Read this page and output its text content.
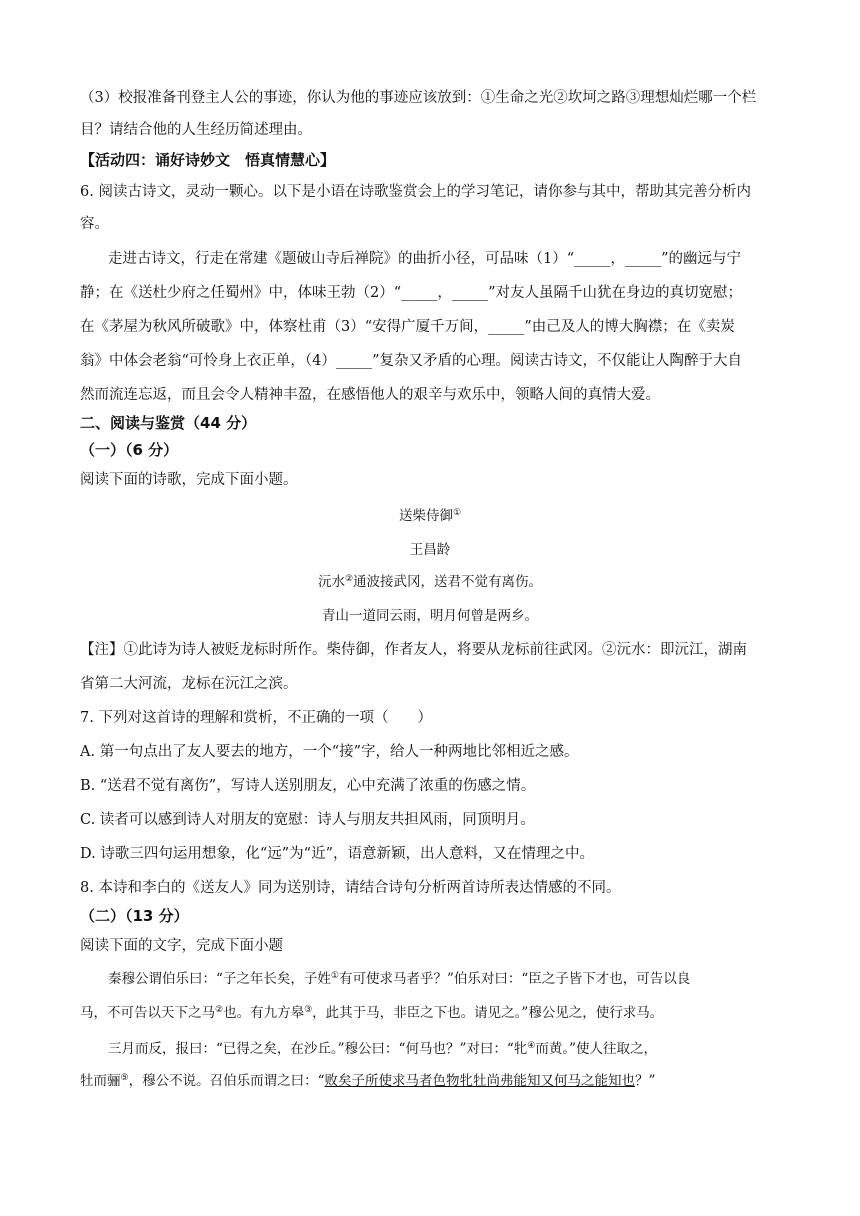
（3）校报准备刊登主人公的事迹，你认为他的事迹应该放到：①生命之光②坎坷之路③理想灿烂哪一个栏
目？请结合他的人生经历简述理由。
【活动四：诵好诗妙文　悟真情慧心】
6. 阅读古诗文，灵动一颗心。以下是小语在诗歌鉴赏会上的学习笔记，请你参与其中，帮助其完善分析内
容。
走进古诗文，行走在常建《题破山寺后禅院》的曲折小径，可品味（1）“_____，_____”的幽远与宁
静；在《送杜少府之任蜀州》中，体味王勃（2）“_____，_____”对友人虽隔千山犹在身边的真切宽慰；
在《茅屋为秋风所破歌》中，体察杜甫（3）“安得广厦千万间，_____”由己及人的博大胸襟；在《卖炭
翁》中体会老翁“可怜身上衣正单，（4）_____”复杂又矛盾的心理。阅读古诗文，不仅能让人陶醉于大自
然而流连忘返，而且会令人精神丰盈，在感悟他人的艰辛与欢乐中，领略人间的真情大爱。
二、阅读与鉴赏（44 分）
（一）（6 分）
阅读下面的诗歌，完成下面小题。
送柴侍御①
王昌龄
沅水②通波接武冈，送君不觉有离伤。
青山一道同云雨，明月何曾是两乡。
【注】①此诗为诗人被贬龙标时所作。柴侍御，作者友人，将要从龙标前往武冈。②沅水：即沅江，湖南
省第二大河流，龙标在沅江之滨。
7. 下列对这首诗的理解和赏析，不正确的一项（　　）
A. 第一句点出了友人要去的地方，一个“接”字，给人一种两地比邻相近之感。
B. “送君不觉有离伤”，写诗人送别朋友，心中充满了浓重的伤感之情。
C. 读者可以感到诗人对朋友的宽慰：诗人与朋友共担风雨，同顶明月。
D. 诗歌三四句运用想象，化“远”为“近”，语意新颖，出人意料，又在情理之中。
8. 本诗和李白的《送友人》同为送别诗，请结合诗句分析两首诗所表达情感的不同。
（二）（13 分）
阅读下面的文字，完成下面小题
秦穆公谓伯乐曰：“子之年长矣，子姓①有可使求马者乎？”伯乐对曰：“臣之子皆下才也，可告以良
马，不可告以天下之马②也。有九方皋③，此其于马，非臣之下也。请见之。”穆公见之，使行求马。
三月而反，报曰：“已得之矣，在沙丘。”穆公曰：“何马也？”对曰：“牝④而黄。”使人往取之，
牡而骊⑤，穆公不说。召伯乐而谓之曰：“败矣子所使求马者色物牝牡尚弗能知又何马之能知也？”
